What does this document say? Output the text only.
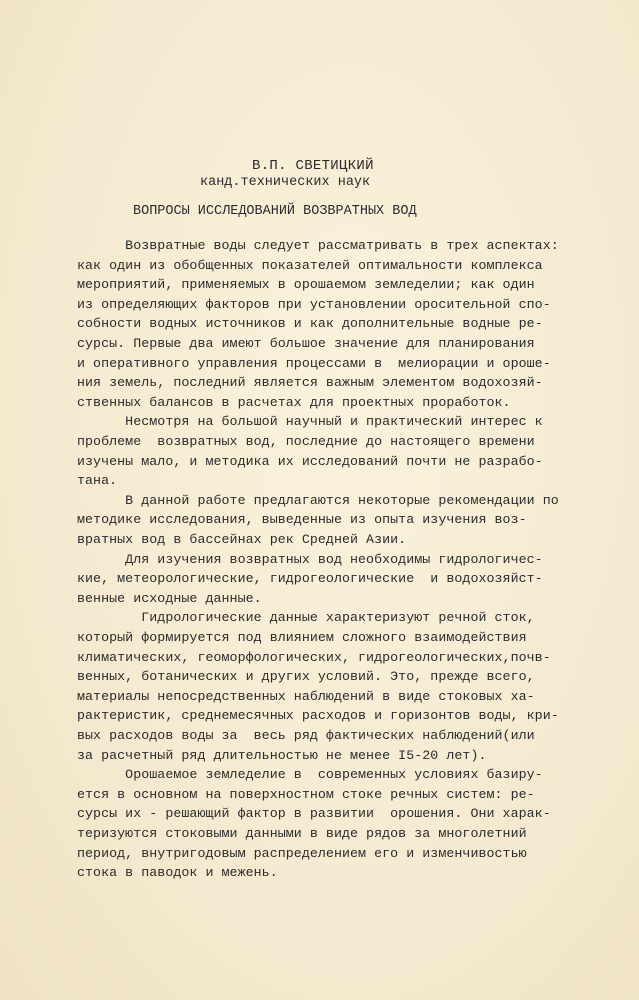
В.П. СВЕТИЦКИЙ
канд.технических наук
ВОПРОСЫ ИССЛЕДОВАНИЙ ВОЗВРАТНЫХ ВОД
Возвратные воды следует рассматривать в трех аспектах:
как один из обобщенных показателей оптимальности комплекса
мероприятий, применяемых в орошаемом земледелии; как один
из определяющих факторов при установлении оросительной спо-
собности водных источников и как дополнительные водные ре-
сурсы. Первые два имеют большое значение для планирования
и оперативного управления процессами в  мелиорации и ороше-
ния земель, последний является важным элементом водохозяй-
ственных балансов в расчетах для проектных проработок.
Несмотря на большой научный и практический интерес к
проблеме  возвратных вод, последние до настоящего времени
изучены мало, и методика их исследований почти не разрабо-
тана.
В данной работе предлагаются некоторые рекомендации по
методике исследования, выведенные из опыта изучения воз-
вратных вод в бассейнах рек Средней Азии.
Для изучения возвратных вод необходимы гидрологичес-
кие, метеорологические, гидрогеологические  и водохозяйст-
венные исходные данные.
Гидрологические данные характеризуют речной сток,
который формируется под влиянием сложного взаимодействия
климатических, геоморфологических, гидрогеологических,почв-
венных, ботанических и других условий. Это, прежде всего,
материалы непосредственных наблюдений в виде стоковых ха-
рактеристик, среднемесячных расходов и горизонтов воды, кри-
вых расходов воды за  весь ряд фактических наблюдений(или
за расчетный ряд длительностью не менее I5-20 лет).
Орошаемое земледелие в  современных условиях базиру-
ется в основном на поверхностном стоке речных систем: ре-
сурсы их - решающий фактор в развитии  орошения. Они харак-
теризуются стоковыми данными в виде рядов за многолетний
период, внутригодовым распределением его и изменчивостью
стока в паводок и межень.
